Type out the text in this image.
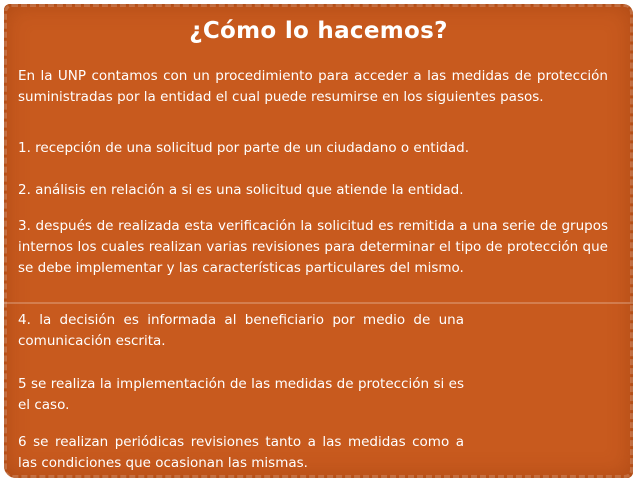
¿Cómo lo hacemos?
En la UNP contamos con un procedimiento para acceder a las medidas de protección suministradas por la entidad el cual puede resumirse en los siguientes pasos.
1. recepción de una solicitud por parte de un ciudadano o entidad.
2. análisis en relación a si es una solicitud que atiende la entidad.
3. después de realizada esta verificación la solicitud es remitida a una serie de grupos internos los cuales realizan varias revisiones para determinar el tipo de protección que se debe implementar y las características particulares del mismo.
4. la decisión es informada al beneficiario por medio de una comunicación escrita.
5 se realiza la implementación de las medidas de protección si es el caso.
6 se realizan periódicas revisiones tanto a las medidas como a las condiciones que ocasionan las mismas.
